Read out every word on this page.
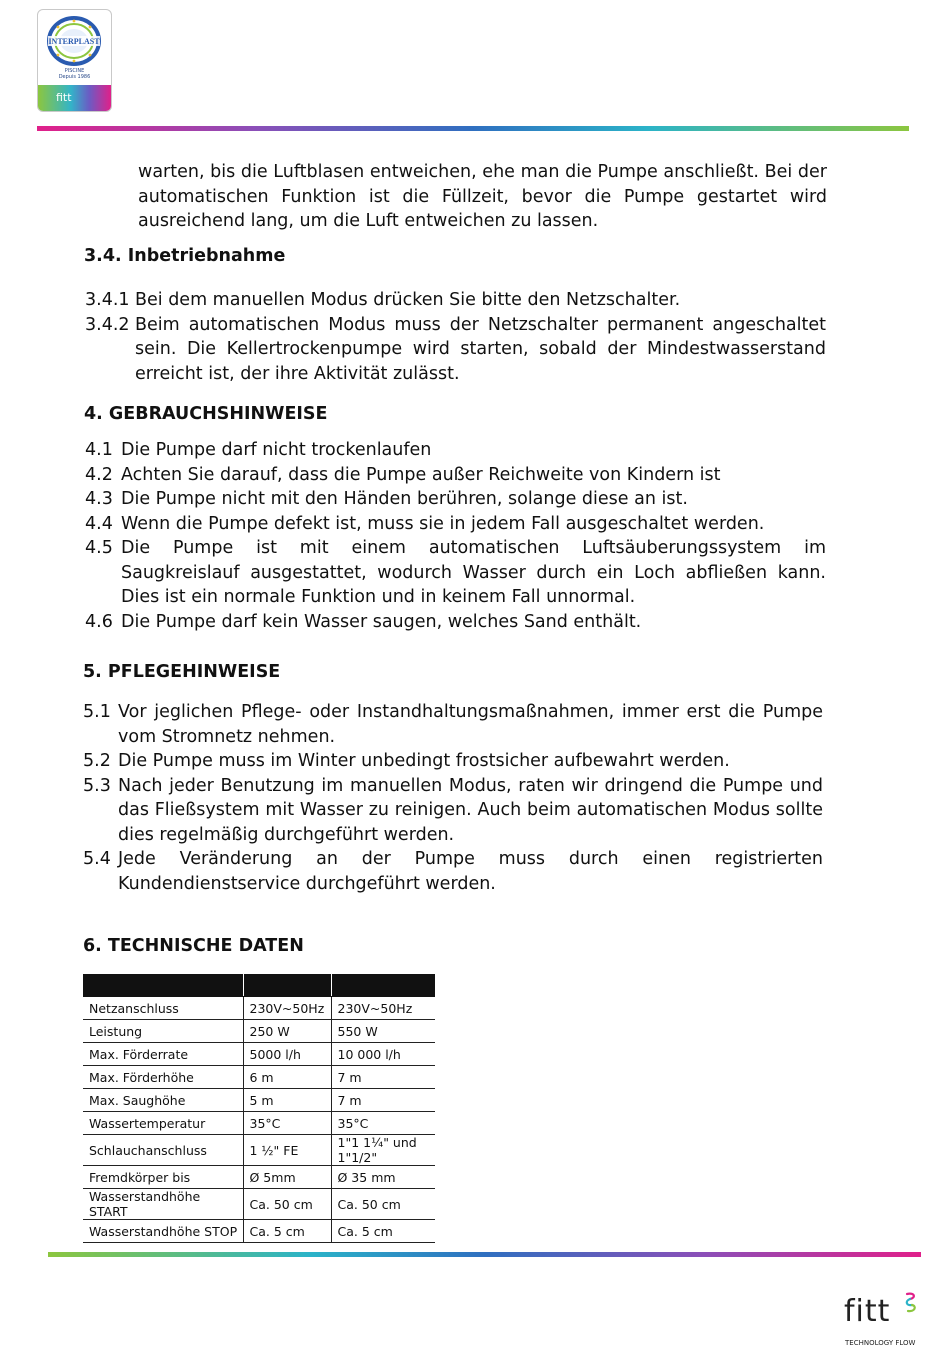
INTERPLAST
PISCINE
Depuis 1986
fitt
warten, bis die Luftblasen entweichen, ehe man die Pumpe anschließt. Bei der automatischen Funktion ist die Füllzeit, bevor die Pumpe gestartet wird ausreichend lang, um die Luft entweichen zu lassen.
3.4. Inbetriebnahme
3.4.1 Bei dem manuellen Modus drücken Sie bitte den Netzschalter.
3.4.2 Beim automatischen Modus muss der Netzschalter permanent angeschaltet sein. Die Kellertrockenpumpe wird starten, sobald der Mindestwasserstand erreicht ist, der ihre Aktivität zulässt.
4. GEBRAUCHSHINWEISE
4.1 Die Pumpe darf nicht trockenlaufen
4.2 Achten Sie darauf, dass die Pumpe außer Reichweite von Kindern ist
4.3 Die Pumpe nicht mit den Händen berühren, solange diese an ist.
4.4 Wenn die Pumpe defekt ist, muss sie in jedem Fall ausgeschaltet werden.
4.5 Die Pumpe ist mit einem automatischen Luftsäuberungssystem im Saugkreislauf ausgestattet, wodurch Wasser durch ein Loch abfließen kann. Dies ist ein normale Funktion und in keinem Fall unnormal.
4.6 Die Pumpe darf kein Wasser saugen, welches Sand enthält.
5. PFLEGEHINWEISE
5.1 Vor jeglichen Pflege- oder Instandhaltungsmaßnahmen, immer erst die Pumpe vom Stromnetz nehmen.
5.2 Die Pumpe muss im Winter unbedingt frostsicher aufbewahrt werden.
5.3 Nach jeder Benutzung im manuellen Modus, raten wir dringend die Pumpe und das Fließsystem mit Wasser zu reinigen. Auch beim automatischen Modus sollte dies regelmäßig durchgeführt werden.
5.4 Jede Veränderung an der Pumpe muss durch einen registrierten Kundendienstservice durchgeführt werden.
6. TECHNISCHE DATEN

Netzanschluss	230V~50Hz	230V~50Hz
Leistung	250 W	550 W
Max. Förderrate	5000 l/h	10 000 l/h
Max. Förderhöhe	6 m	7 m
Max. Saughöhe	5 m	7 m
Wassertemperatur	35°C	35°C
Schlauchanschluss	1 ½" FE	1"1 1¼" und 1"1/2"
Fremdkörper bis	Ø 5mm	Ø 35 mm
Wasserstandhöhe START	Ca. 50 cm	Ca. 50 cm
Wasserstandhöhe STOP	Ca. 5 cm	Ca. 5 cm
fitt
TECHNOLOGY FLOW
